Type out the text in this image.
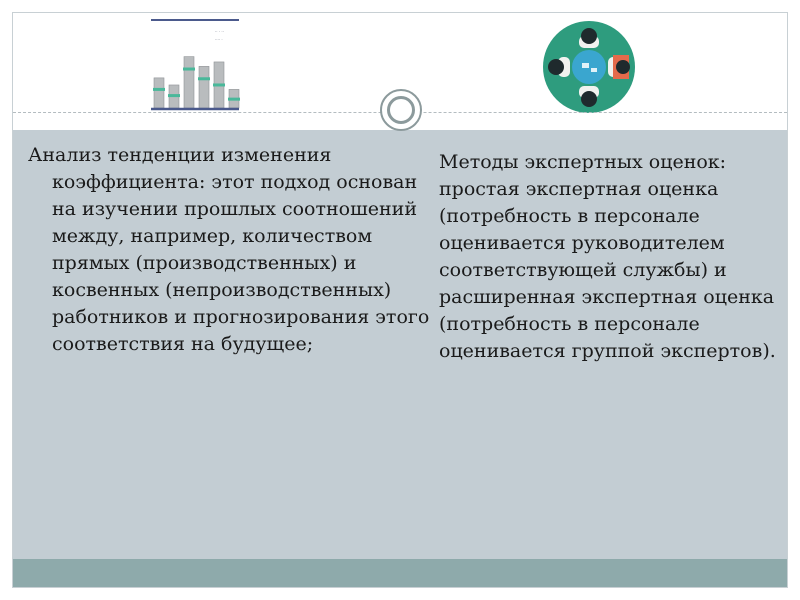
·· · ··
···· ·

Анализ тенденции изменения коэффициента: этот подход основан на изучении прошлых соотношений между, например, количеством прямых (производственных) и косвенных (непроизводственных) работников и прогнозирования этого соответствия на будущее;

Методы экспертных оценок: простая экспертная оценка (потребность в персонале оценивается руководителем соответствующей службы) и расширенная экспертная оценка (потребность в персонале оценивается группой экспертов).
